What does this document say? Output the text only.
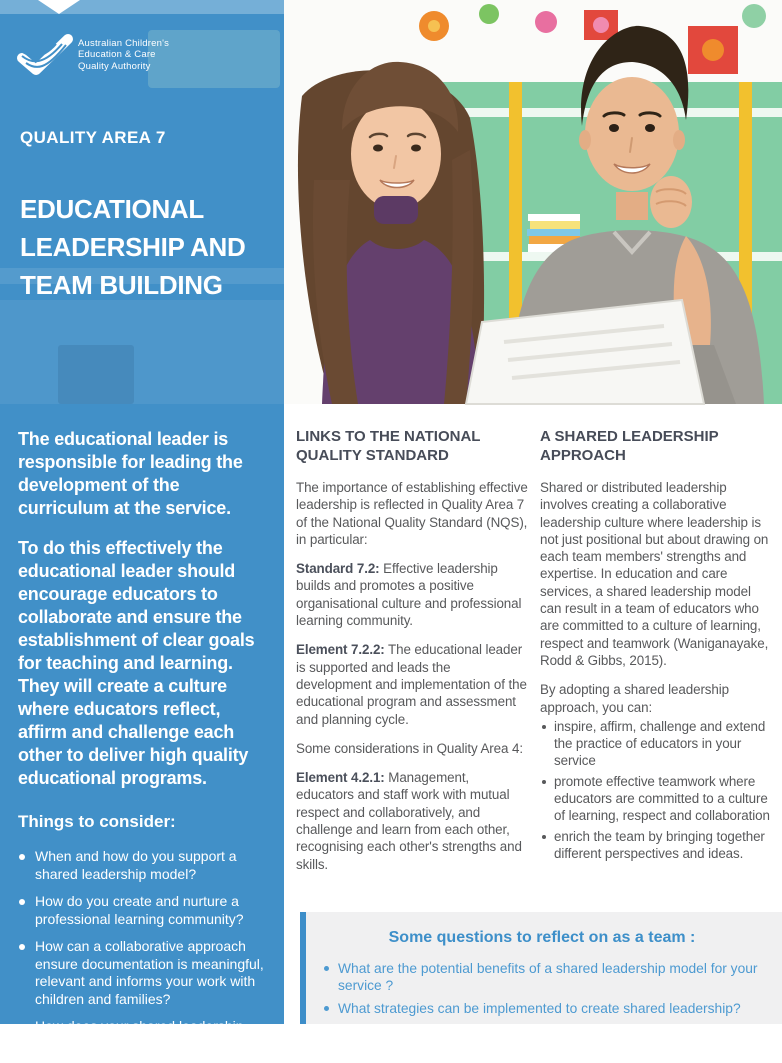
Australian Children's
Education & Care
Quality Authority
QUALITY AREA 7
EDUCATIONAL
LEADERSHIP AND
TEAM BUILDING

The educational leader is responsible for leading the development of the curriculum at the service.

To do this effectively the educational leader should encourage educators to collaborate and ensure the establishment of clear goals for teaching and learning. They will create a culture where educators reflect, affirm and challenge each other to deliver high quality educational programs.

Things to consider:
When and how do you support a shared leadership model?
How do you create and nurture a professional learning community?
How can a collaborative approach ensure documentation is meaningful, relevant and informs your work with children and families?
How does your shared leadership model connect with the service
LINKS TO THE NATIONAL QUALITY STANDARD

The importance of establishing effective leadership is reflected in Quality Area 7 of the National Quality Standard (NQS), in particular:

Standard 7.2: Effective leadership builds and promotes a positive organisational culture and professional learning community.

Element 7.2.2: The educational leader is supported and leads the development and implementation of the educational program and assessment and planning cycle.

Some considerations in Quality Area 4:

Element 4.2.1: Management, educators and staff work with mutual respect and collaboratively, and challenge and learn from each other, recognising each other's strengths and skills.

A SHARED LEADERSHIP APPROACH

Shared or distributed leadership involves creating a collaborative leadership culture where leadership is not just positional but about drawing on each team members' strengths and expertise. In education and care services, a shared leadership model can result in a team of educators who are committed to a culture of learning, respect and teamwork (Waniganayake, Rodd & Gibbs, 2015).

By adopting a shared leadership approach, you can:

inspire, affirm, challenge and extend the practice of educators in your service
promote effective teamwork where educators are committed to a culture of learning, respect and collaboration
enrich the team by bringing together different perspectives and ideas.
Some questions to reflect on as a team :
What are the potential benefits of a shared leadership model for your service ?
What strategies can be implemented to create shared leadership?
